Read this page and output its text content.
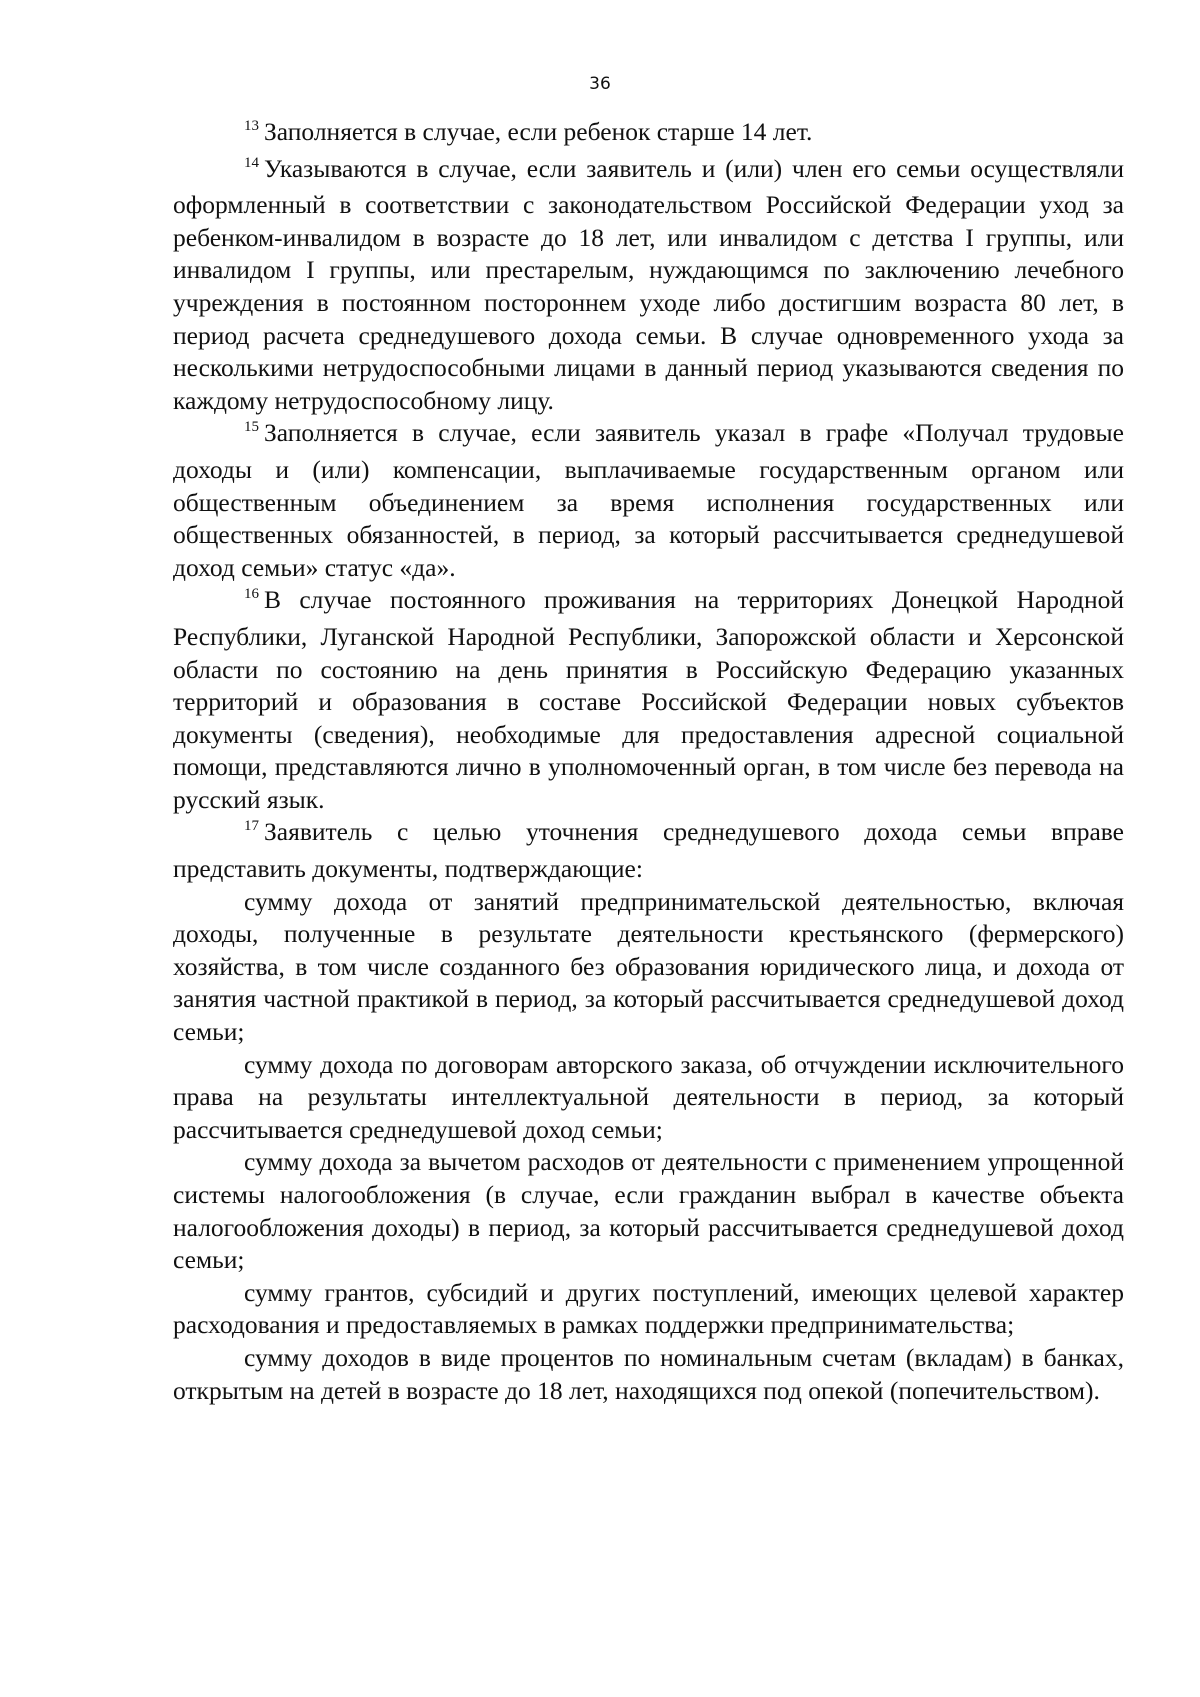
36

$^{13}$ Заполняется в случае, если ребенок старше 14 лет.

$^{14}$ Указываются в случае, если заявитель и (или) член его семьи осуществляли оформленный в соответствии с законодательством Российской Федерации уход за ребенком-инвалидом в возрасте до 18 лет, или инвалидом с детства I группы, или инвалидом I группы, или престарелым, нуждающимся по заключению лечебного учреждения в постоянном постороннем уходе либо достигшим возраста 80 лет, в период расчета среднедушевого дохода семьи. В случае одновременного ухода за несколькими нетрудоспособными лицами в данный период указываются сведения по каждому нетрудоспособному лицу.

$^{15}$ Заполняется в случае, если заявитель указал в графе «Получал трудовые доходы и (или) компенсации, выплачиваемые государственным органом или общественным объединением за время исполнения государственных или общественных обязанностей, в период, за который рассчитывается среднедушевой доход семьи» статус «да».

$^{16}$ В случае постоянного проживания на территориях Донецкой Народной Республики, Луганской Народной Республики, Запорожской области и Херсонской области по состоянию на день принятия в Российскую Федерацию указанных территорий и образования в составе Российской Федерации новых субъектов документы (сведения), необходимые для предоставления адресной социальной помощи, представляются лично в уполномоченный орган, в том числе без перевода на русский язык.

$^{17}$ Заявитель с целью уточнения среднедушевого дохода семьи вправе представить документы, подтверждающие:

сумму дохода от занятий предпринимательской деятельностью, включая доходы, полученные в результате деятельности крестьянского (фермерского) хозяйства, в том числе созданного без образования юридического лица, и дохода от занятия частной практикой в период, за который рассчитывается среднедушевой доход семьи;

сумму дохода по договорам авторского заказа, об отчуждении исключительного права на результаты интеллектуальной деятельности в период, за который рассчитывается среднедушевой доход семьи;

сумму дохода за вычетом расходов от деятельности с применением упрощенной системы налогообложения (в случае, если гражданин выбрал в качестве объекта налогообложения доходы) в период, за который рассчитывается среднедушевой доход семьи;

сумму грантов, субсидий и других поступлений, имеющих целевой характер расходования и предоставляемых в рамках поддержки предпринимательства;

сумму доходов в виде процентов по номинальным счетам (вкладам) в банках, открытым на детей в возрасте до 18 лет, находящихся под опекой (попечительством).
